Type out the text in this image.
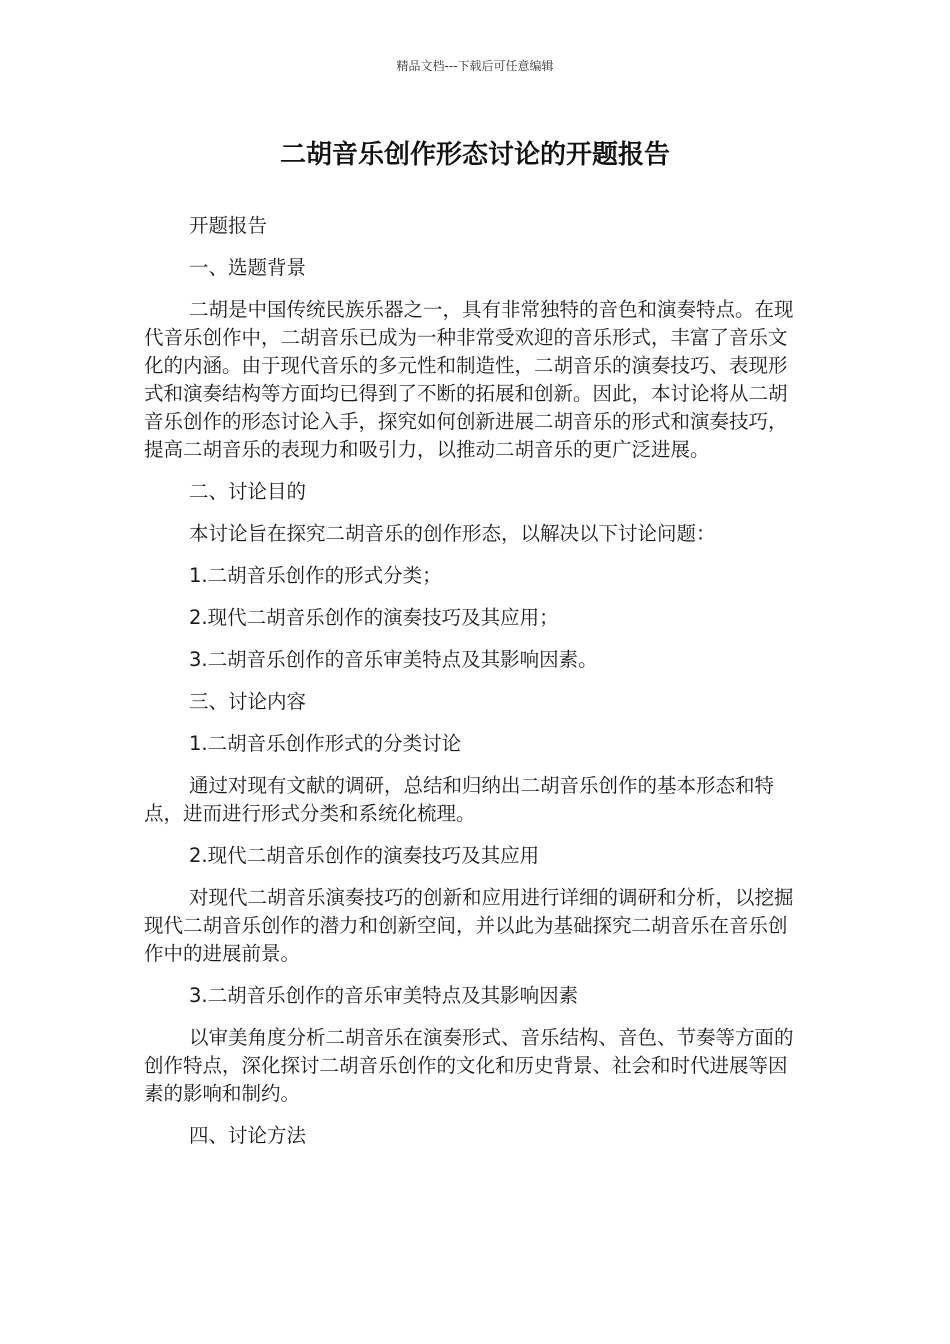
精品文档---下载后可任意编辑
二胡音乐创作形态讨论的开题报告

开题报告

一、选题背景

二胡是中国传统民族乐器之一，具有非常独特的音色和演奏特点。在现代音乐创作中，二胡音乐已成为一种非常受欢迎的音乐形式，丰富了音乐文化的内涵。由于现代音乐的多元性和制造性，二胡音乐的演奏技巧、表现形式和演奏结构等方面均已得到了不断的拓展和创新。因此，本讨论将从二胡音乐创作的形态讨论入手，探究如何创新进展二胡音乐的形式和演奏技巧，提高二胡音乐的表现力和吸引力，以推动二胡音乐的更广泛进展。

二、讨论目的

本讨论旨在探究二胡音乐的创作形态，以解决以下讨论问题：

1.二胡音乐创作的形式分类；

2.现代二胡音乐创作的演奏技巧及其应用；

3.二胡音乐创作的音乐审美特点及其影响因素。

三、讨论内容

1.二胡音乐创作形式的分类讨论

通过对现有文献的调研，总结和归纳出二胡音乐创作的基本形态和特点，进而进行形式分类和系统化梳理。

2.现代二胡音乐创作的演奏技巧及其应用

对现代二胡音乐演奏技巧的创新和应用进行详细的调研和分析，以挖掘现代二胡音乐创作的潜力和创新空间，并以此为基础探究二胡音乐在音乐创作中的进展前景。

3.二胡音乐创作的音乐审美特点及其影响因素

以审美角度分析二胡音乐在演奏形式、音乐结构、音色、节奏等方面的创作特点，深化探讨二胡音乐创作的文化和历史背景、社会和时代进展等因素的影响和制约。

四、讨论方法
